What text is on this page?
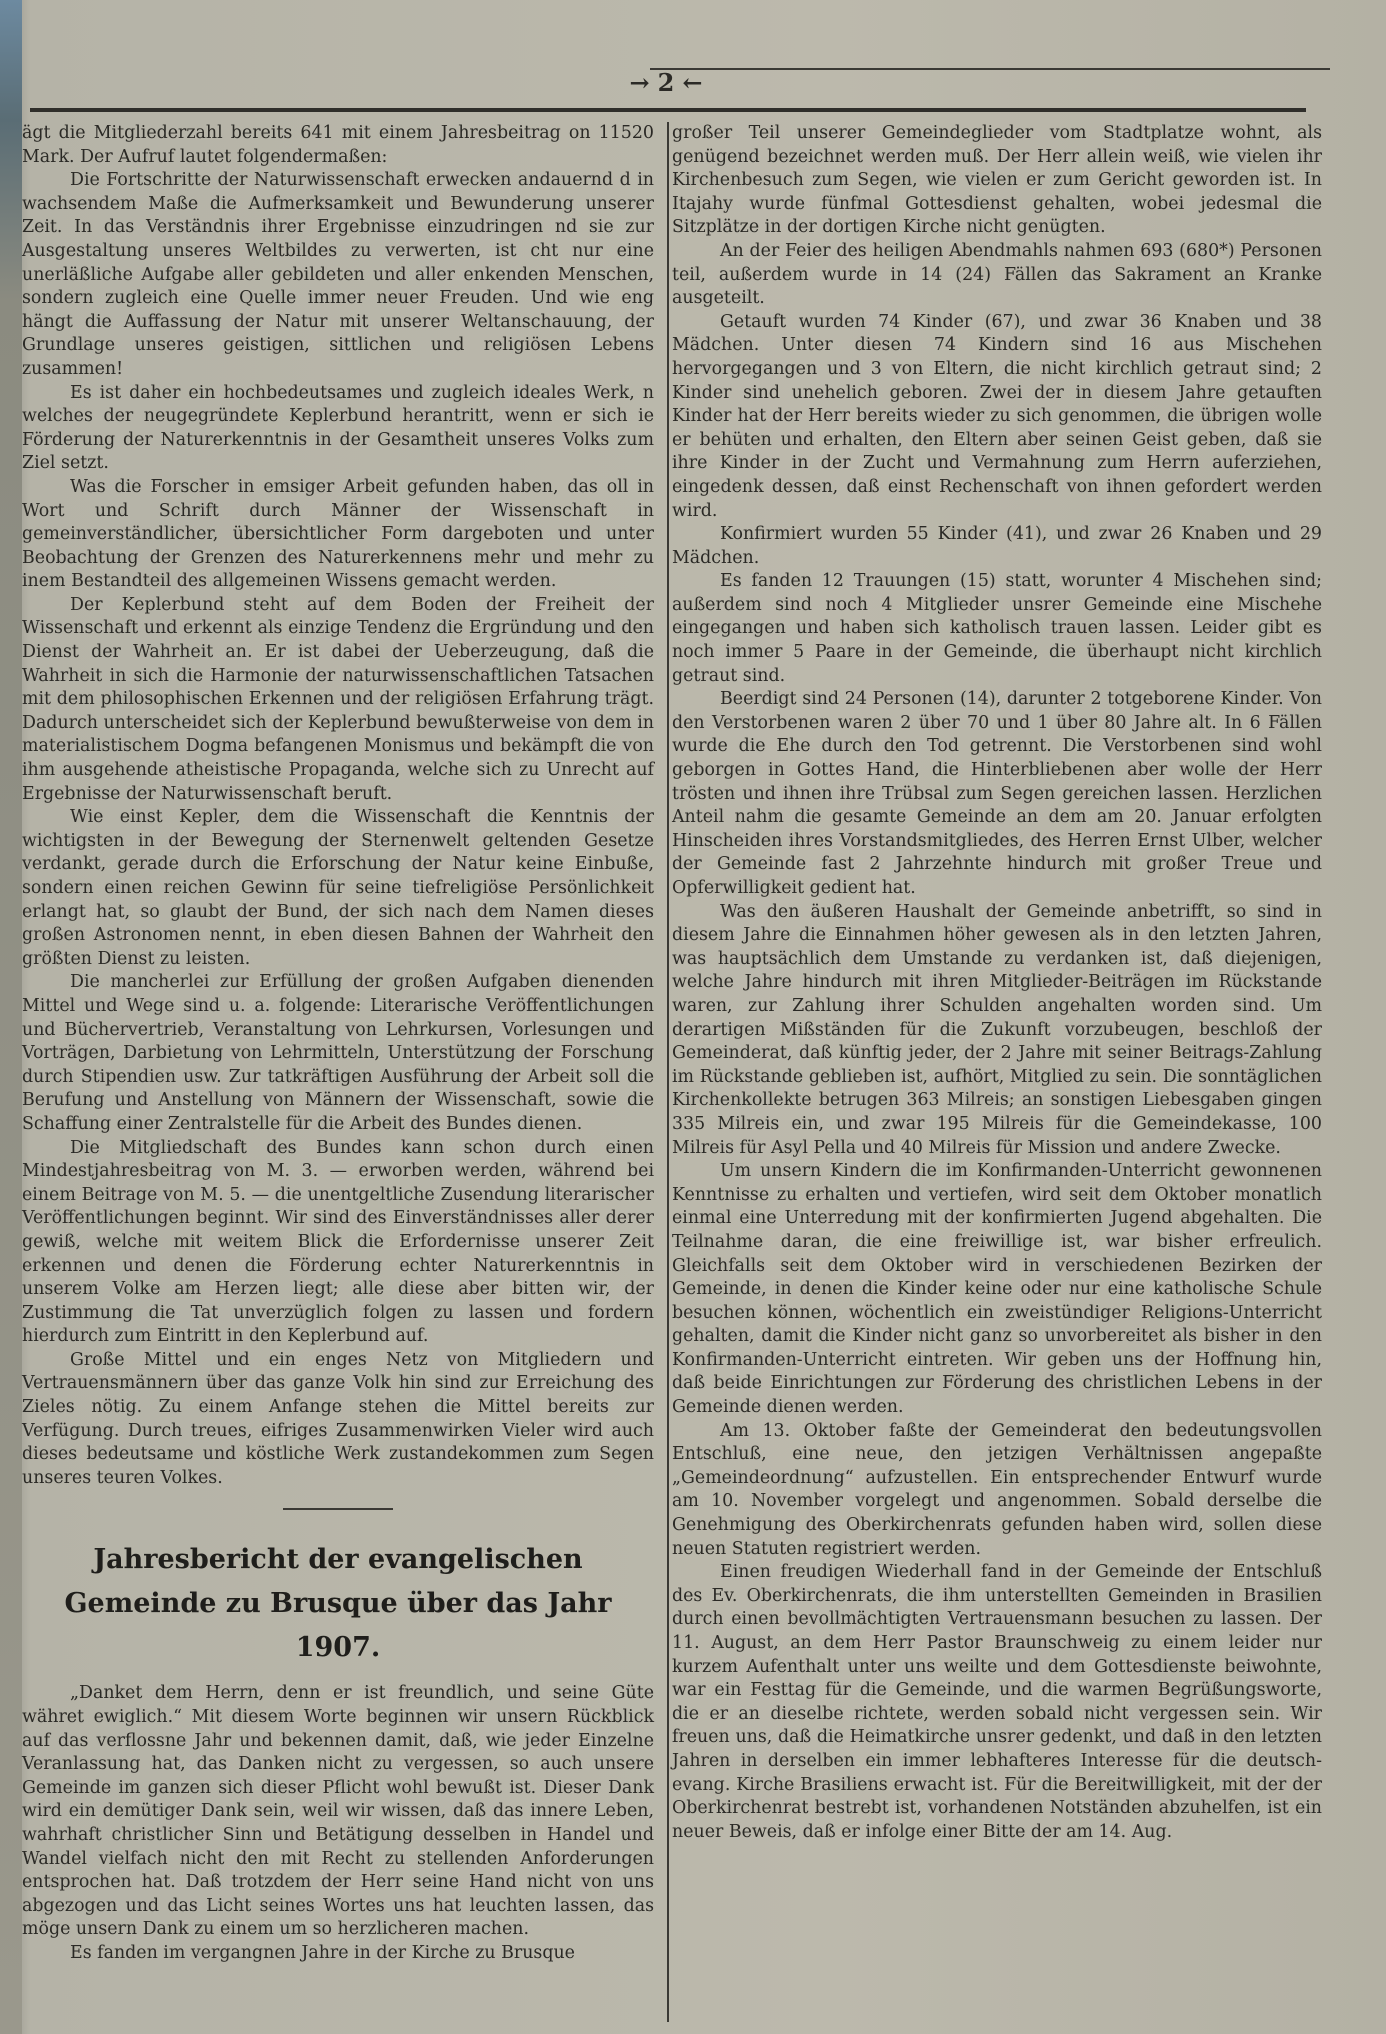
→2←

ägt die Mitgliederzahl bereits 641 mit einem Jahresbeitrag on 11520 Mark. Der Aufruf lautet folgendermaßen:

Die Fortschritte der Naturwissenschaft erwecken andauernd d in wachsendem Maße die Aufmerksamkeit und Bewunderung unserer Zeit. In das Verständnis ihrer Ergebnisse einzudringen nd sie zur Ausgestaltung unseres Weltbildes zu verwerten, ist cht nur eine unerläßliche Aufgabe aller gebildeten und aller enkenden Menschen, sondern zugleich eine Quelle immer neuer Freuden. Und wie eng hängt die Auffassung der Natur mit unserer Weltanschauung, der Grundlage unseres geistigen, sittlichen und religiösen Lebens zusammen!

Es ist daher ein hochbedeutsames und zugleich ideales Werk, n welches der neugegründete Keplerbund herantritt, wenn er sich ie Förderung der Naturerkenntnis in der Gesamtheit unseres Volks zum Ziel setzt.

Was die Forscher in emsiger Arbeit gefunden haben, das oll in Wort und Schrift durch Männer der Wissenschaft in gemeinverständlicher, übersichtlicher Form dargeboten und unter Beobachtung der Grenzen des Naturerkennens mehr und mehr zu inem Bestandteil des allgemeinen Wissens gemacht werden.

Der Keplerbund steht auf dem Boden der Freiheit der Wissenschaft und erkennt als einzige Tendenz die Ergründung und den Dienst der Wahrheit an. Er ist dabei der Ueberzeugung, daß die Wahrheit in sich die Harmonie der naturwissenschaftlichen Tatsachen mit dem philosophischen Erkennen und der religiösen Erfahrung trägt. Dadurch unterscheidet sich der Keplerbund bewußterweise von dem in materialistischem Dogma befangenen Monismus und bekämpft die von ihm ausgehende atheistische Propaganda, welche sich zu Unrecht auf Ergebnisse der Naturwissenschaft beruft.

Wie einst Kepler, dem die Wissenschaft die Kenntnis der wichtigsten in der Bewegung der Sternenwelt geltenden Gesetze verdankt, gerade durch die Erforschung der Natur keine Einbuße, sondern einen reichen Gewinn für seine tiefreligiöse Persönlichkeit erlangt hat, so glaubt der Bund, der sich nach dem Namen dieses großen Astronomen nennt, in eben diesen Bahnen der Wahrheit den größten Dienst zu leisten.

Die mancherlei zur Erfüllung der großen Aufgaben dienenden Mittel und Wege sind u. a. folgende: Literarische Veröffentlichungen und Büchervertrieb, Veranstaltung von Lehrkursen, Vorlesungen und Vorträgen, Darbietung von Lehrmitteln, Unterstützung der Forschung durch Stipendien usw. Zur tatkräftigen Ausführung der Arbeit soll die Berufung und Anstellung von Männern der Wissenschaft, sowie die Schaffung einer Zentralstelle für die Arbeit des Bundes dienen.

Die Mitgliedschaft des Bundes kann schon durch einen Mindestjahresbeitrag von M. 3. — erworben werden, während bei einem Beitrage von M. 5. — die unentgeltliche Zusendung literarischer Veröffentlichungen beginnt. Wir sind des Einverständnisses aller derer gewiß, welche mit weitem Blick die Erfordernisse unserer Zeit erkennen und denen die Förderung echter Naturerkenntnis in unserem Volke am Herzen liegt; alle diese aber bitten wir, der Zustimmung die Tat unverzüglich folgen zu lassen und fordern hierdurch zum Eintritt in den Keplerbund auf.

Große Mittel und ein enges Netz von Mitgliedern und Vertrauensmännern über das ganze Volk hin sind zur Erreichung des Zieles nötig. Zu einem Anfange stehen die Mittel bereits zur Verfügung. Durch treues, eifriges Zusammenwirken Vieler wird auch dieses bedeutsame und köstliche Werk zustandekommen zum Segen unseres teuren Volkes.

Jahresbericht der evangelischen Gemeinde zu Brusque über das Jahr 1907.

„Danket dem Herrn, denn er ist freundlich, und seine Güte währet ewiglich.“ Mit diesem Worte beginnen wir unsern Rückblick auf das verflossne Jahr und bekennen damit, daß, wie jeder Einzelne Veranlassung hat, das Danken nicht zu vergessen, so auch unsere Gemeinde im ganzen sich dieser Pflicht wohl bewußt ist. Dieser Dank wird ein demütiger Dank sein, weil wir wissen, daß das innere Leben, wahrhaft christlicher Sinn und Betätigung desselben in Handel und Wandel vielfach nicht den mit Recht zu stellenden Anforderungen entsprochen hat. Daß trotzdem der Herr seine Hand nicht von uns abgezogen und das Licht seines Wortes uns hat leuchten lassen, das möge unsern Dank zu einem um so herzlicheren machen.

Es fanden im vergangnen Jahre in der Kirche zu Brusque

großer Teil unserer Gemeindeglieder vom Stadtplatze wohnt, als genügend bezeichnet werden muß. Der Herr allein weiß, wie vielen ihr Kirchenbesuch zum Segen, wie vielen er zum Gericht geworden ist. In Itajahy wurde fünfmal Gottesdienst gehalten, wobei jedesmal die Sitzplätze in der dortigen Kirche nicht genügten.

An der Feier des heiligen Abendmahls nahmen 693 (680*) Personen teil, außerdem wurde in 14 (24) Fällen das Sakrament an Kranke ausgeteilt.

Getauft wurden 74 Kinder (67), und zwar 36 Knaben und 38 Mädchen. Unter diesen 74 Kindern sind 16 aus Mischehen hervorgegangen und 3 von Eltern, die nicht kirchlich getraut sind; 2 Kinder sind unehelich geboren. Zwei der in diesem Jahre getauften Kinder hat der Herr bereits wieder zu sich genommen, die übrigen wolle er behüten und erhalten, den Eltern aber seinen Geist geben, daß sie ihre Kinder in der Zucht und Vermahnung zum Herrn auferziehen, eingedenk dessen, daß einst Rechenschaft von ihnen gefordert werden wird.

Konfirmiert wurden 55 Kinder (41), und zwar 26 Knaben und 29 Mädchen.

Es fanden 12 Trauungen (15) statt, worunter 4 Mischehen sind; außerdem sind noch 4 Mitglieder unsrer Gemeinde eine Mischehe eingegangen und haben sich katholisch trauen lassen. Leider gibt es noch immer 5 Paare in der Gemeinde, die überhaupt nicht kirchlich getraut sind.

Beerdigt sind 24 Personen (14), darunter 2 totgeborene Kinder. Von den Verstorbenen waren 2 über 70 und 1 über 80 Jahre alt. In 6 Fällen wurde die Ehe durch den Tod getrennt. Die Verstorbenen sind wohl geborgen in Gottes Hand, die Hinterbliebenen aber wolle der Herr trösten und ihnen ihre Trübsal zum Segen gereichen lassen. Herzlichen Anteil nahm die gesamte Gemeinde an dem am 20. Januar erfolgten Hinscheiden ihres Vorstandsmitgliedes, des Herren Ernst Ulber, welcher der Gemeinde fast 2 Jahrzehnte hindurch mit großer Treue und Opferwilligkeit gedient hat.

Was den äußeren Haushalt der Gemeinde anbetrifft, so sind in diesem Jahre die Einnahmen höher gewesen als in den letzten Jahren, was hauptsächlich dem Umstande zu verdanken ist, daß diejenigen, welche Jahre hindurch mit ihren Mitglieder-Beiträgen im Rückstande waren, zur Zahlung ihrer Schulden angehalten worden sind. Um derartigen Mißständen für die Zukunft vorzubeugen, beschloß der Gemeinderat, daß künftig jeder, der 2 Jahre mit seiner Beitrags-Zahlung im Rückstande geblieben ist, aufhört, Mitglied zu sein. Die sonntäglichen Kirchenkollekte betrugen 363 Milreis; an sonstigen Liebesgaben gingen 335 Milreis ein, und zwar 195 Milreis für die Gemeindekasse, 100 Milreis für Asyl Pella und 40 Milreis für Mission und andere Zwecke.

Um unsern Kindern die im Konfirmanden-Unterricht gewonnenen Kenntnisse zu erhalten und vertiefen, wird seit dem Oktober monatlich einmal eine Unterredung mit der konfirmierten Jugend abgehalten. Die Teilnahme daran, die eine freiwillige ist, war bisher erfreulich. Gleichfalls seit dem Oktober wird in verschiedenen Bezirken der Gemeinde, in denen die Kinder keine oder nur eine katholische Schule besuchen können, wöchentlich ein zweistündiger Religions-Unterricht gehalten, damit die Kinder nicht ganz so unvorbereitet als bisher in den Konfirmanden-Unterricht eintreten. Wir geben uns der Hoffnung hin, daß beide Einrichtungen zur Förderung des christlichen Lebens in der Gemeinde dienen werden.

Am 13. Oktober faßte der Gemeinderat den bedeutungsvollen Entschluß, eine neue, den jetzigen Verhältnissen angepaßte „Gemeindeordnung“ aufzustellen. Ein entsprechender Entwurf wurde am 10. November vorgelegt und angenommen. Sobald derselbe die Genehmigung des Oberkirchenrats gefunden haben wird, sollen diese neuen Statuten registriert werden.

Einen freudigen Wiederhall fand in der Gemeinde der Entschluß des Ev. Oberkirchenrats, die ihm unterstellten Gemeinden in Brasilien durch einen bevollmächtigten Vertrauensmann besuchen zu lassen. Der 11. August, an dem Herr Pastor Braunschweig zu einem leider nur kurzem Aufenthalt unter uns weilte und dem Gottesdienste beiwohnte, war ein Festtag für die Gemeinde, und die warmen Begrüßungsworte, die er an dieselbe richtete, werden sobald nicht vergessen sein. Wir freuen uns, daß die Heimatkirche unsrer gedenkt, und daß in den letzten Jahren in derselben ein immer lebhafteres Interesse für die deutsch-evang. Kirche Brasiliens erwacht ist. Für die Bereitwilligkeit, mit der der Oberkirchenrat bestrebt ist, vorhandenen Notständen abzuhelfen, ist ein neuer Beweis, daß er infolge einer Bitte der am 14. Aug.
